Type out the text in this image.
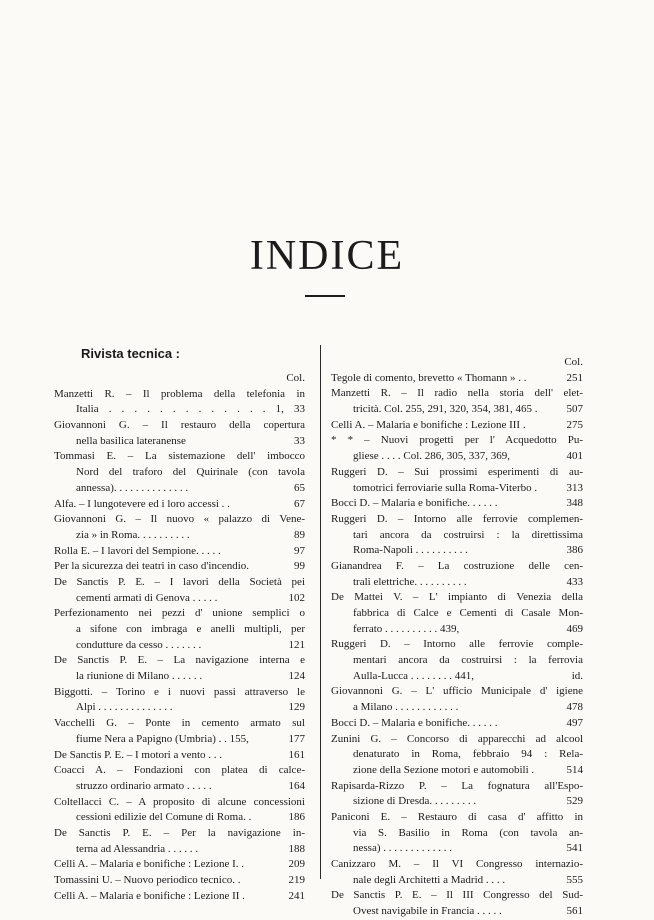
INDICE
Rivista tecnica :
Col.
Manzetti R. – Il problema della telefonia in
Italia . . . . . . . . . . . . . 1, 33
Giovannoni G. – Il restauro della copertura
nella basilica lateranense	33
Tommasi E. – La sistemazione dell' imbocco
Nord del traforo del Quirinale (con tavola
annessa). . . . . . . . . . . . . .	65
Alfa. – I lungotevere ed i loro accessi . .	67
Giovannoni G. – Il nuovo « palazzo di Vene-
zia » in Roma. . . . . . . . . .	89
Rolla E. – I lavori del Sempione. . . . .	97
Per la sicurezza dei teatri in caso d'incendio.	99
De Sanctis P. E. – I lavori della Società pei
cementi armati di Genova . . . . .	102
Perfezionamento nei pezzi d' unione semplici o
a sifone con imbraga e anelli multipli, per
condutture da cesso . . . . . . .	121
De Sanctis P. E. – La navigazione interna e
la riunione di Milano . . . . . .	124
Biggotti. – Torino e i nuovi passi attraverso le
Alpi . . . . . . . . . . . . . .	129
Vacchelli G. – Ponte in cemento armato sul
fiume Nera a Papigno (Umbria) . . 155,	177
De Sanctis P. E. – I motori a vento . . .	161
Coacci A. – Fondazioni con platea di calce-
struzzo ordinario armato . . . . .	164
Coltellacci C. – A proposito di alcune concessioni
cessioni edilizie del Comune di Roma. .	186
De Sanctis P. E. – Per la navigazione in-
terna ad Alessandria . . . . . .	188
Celli A. – Malaria e bonifiche : Lezione I. .	209
Tomassini U. – Nuovo periodico tecnico. .	219
Celli A. – Malaria e bonifiche : Lezione II .	241
Col.
Tegole di comento, brevetto « Thomann » . .	251
Manzetti R. – Il radio nella storia dell' elet-
tricità. Col. 255, 291, 320, 354, 381, 465 .	507
Celli A. – Malaria e bonifiche : Lezione III .	275
* * – Nuovi progetti per l' Acquedotto Pu-
gliese . . . . Col. 286, 305, 337, 369,	401
Ruggeri D. – Sui prossimi esperimenti di au-
tomotrici ferroviarie sulla Roma-Viterbo .	313
Bocci D. – Malaria e bonifiche. . . . . .	348
Ruggeri D. – Intorno alle ferrovie complemen-
tari ancora da costruirsi : la direttissima
Roma-Napoli . . . . . . . . . .	386
Gianandrea F. – La costruzione delle cen-
trali elettriche. . . . . . . . . .	433
De Mattei V. – L' impianto di Venezia della
fabbrica di Calce e Cementi di Casale Mon-
ferrato . . . . . . . . . . 439,	469
Ruggeri D. – Intorno alle ferrovie comple-
mentari ancora da costruirsi : la ferrovia
Aulla-Lucca . . . . . . . . 441,	id.
Giovannoni G. – L' ufficio Municipale d' igiene
a Milano . . . . . . . . . . . .	478
Bocci D. – Malaria e bonifiche. . . . . .	497
Zunini G. – Concorso di apparecchi ad alcool
denaturato in Roma, febbraio 94 : Rela-
zione della Sezione motori e automobili .	514
Rapisarda-Rizzo P. – La fognatura all'Espo-
sizione di Dresda. . . . . . . . .	529
Paniconi E. – Restauro di casa d' affitto in
via S. Basilio in Roma (con tavola an-
nessa) . . . . . . . . . . . . .	541
Canizzaro M. – Il VI Congresso internazio-
nale degli Architetti a Madrid . . . .	555
De Sanctis P. E. – Il III Congresso del Sud-
Ovest navigabile in Francia . . . . .	561
